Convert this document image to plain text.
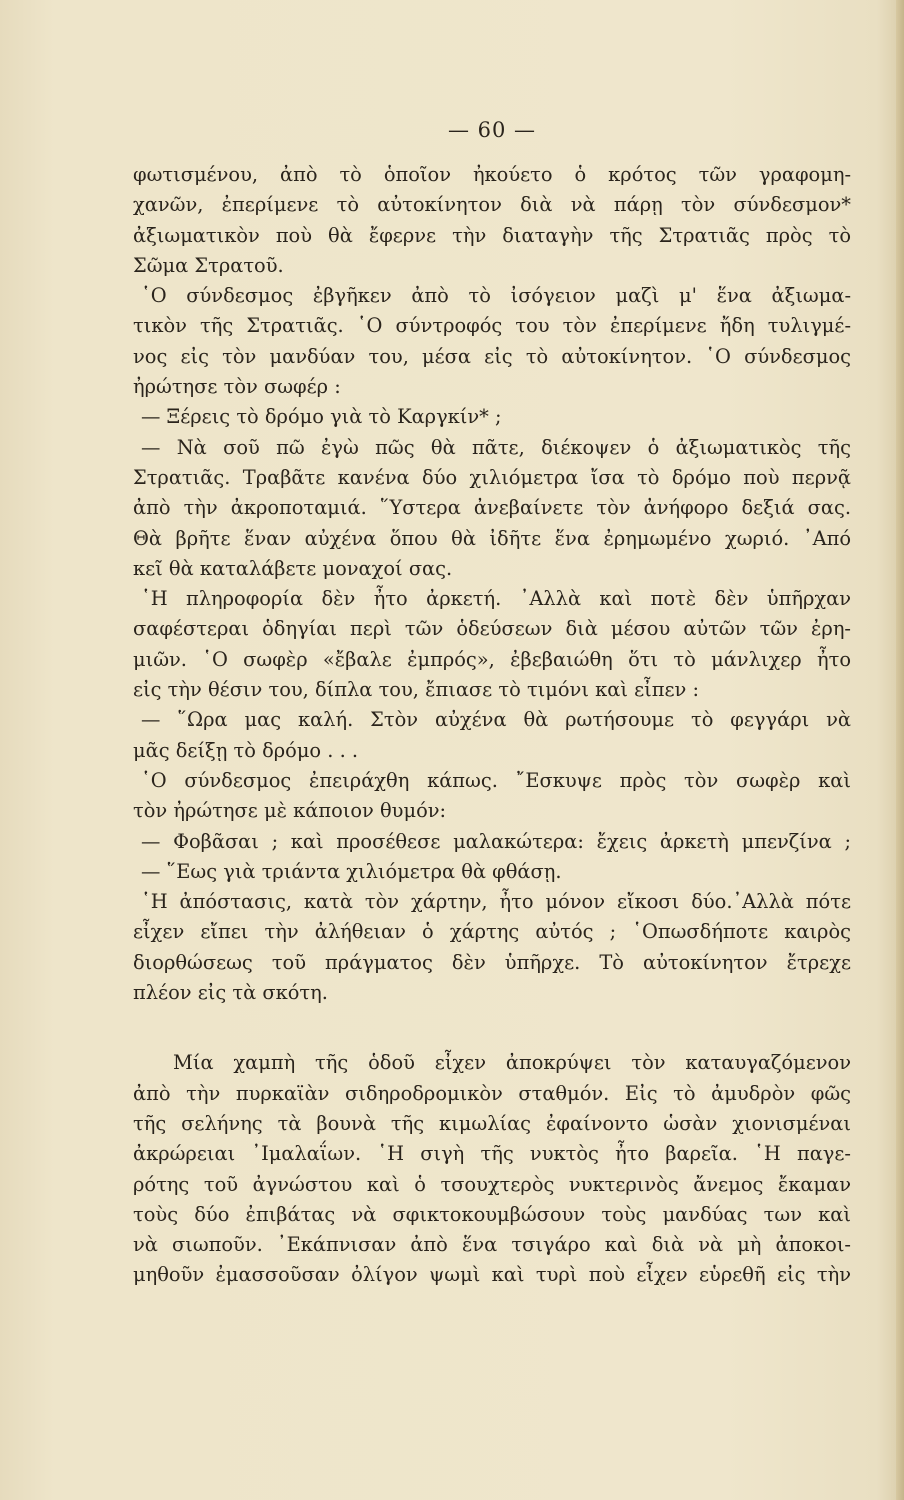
— 60 —
φωτισμένου, ἀπὸ τὸ ὁποῖον ἠκούετο ὁ κρότος τῶν γραφομη-
χανῶν, ἐπερίμενε τὸ αὐτοκίνητον διὰ νὰ πάρῃ τὸν σύνδεσμον*
ἀξιωματικὸν ποὺ θὰ ἔφερνε τὴν διαταγὴν τῆς Στρατιᾶς πρὸς τὸ
Σῶμα Στρατοῦ.
῾Ο σύνδεσμος ἐβγῆκεν ἀπὸ τὸ ἰσόγειον μαζὶ μ' ἕνα ἀξιωμα-
τικὸν τῆς Στρατιᾶς. ῾Ο σύντροφός του τὸν ἐπερίμενε ἤδη τυλιγμέ-
νος εἰς τὸν μανδύαν του, μέσα εἰς τὸ αὐτοκίνητον. ῾Ο σύνδεσμος
ἠρώτησε τὸν σωφέρ :
— Ξέρεις τὸ δρόμο γιὰ τὸ Καργκίν* ;
— Νὰ σοῦ πῶ ἐγὼ πῶς θὰ πᾶτε, διέκοψεν ὁ ἀξιωματικὸς τῆς
Στρατιᾶς. Τραβᾶτε κανένα δύο χιλιόμετρα ἴσα τὸ δρόμο ποὺ περνᾷ
ἀπὸ τὴν ἀκροποταμιά. ῞Υστερα ἀνεβαίνετε τὸν ἀνήφορο δεξιά σας.
Θὰ βρῆτε ἕναν αὐχένα ὅπου θὰ ἰδῆτε ἕνα ἐρημωμένο χωριό. ᾿Από
κεῖ θὰ καταλάβετε μοναχοί σας.
῾Η πληροφορία δὲν ἦτο ἀρκετή. ᾿Αλλὰ καὶ ποτὲ δὲν ὑπῆρχαν
σαφέστεραι ὁδηγίαι περὶ τῶν ὁδεύσεων διὰ μέσου αὐτῶν τῶν ἐρη-
μιῶν. ῾Ο σωφὲρ «ἔβαλε ἐμπρός», ἐβεβαιώθη ὅτι τὸ μάνλιχερ ἦτο
εἰς τὴν θέσιν του, δίπλα του, ἔπιασε τὸ τιμόνι καὶ εἶπεν :
— ῞Ωρα μας καλή. Στὸν αὐχένα θὰ ρωτήσουμε τὸ φεγγάρι νὰ
μᾶς δείξῃ τὸ δρόμο . . .
῾Ο σύνδεσμος ἐπειράχθη κάπως. ῎Εσκυψε πρὸς τὸν σωφὲρ καὶ
τὸν ἠρώτησε μὲ κάποιον θυμόν:
— Φοβᾶσαι ; καὶ προσέθεσε μαλακώτερα: ἔχεις ἀρκετὴ μπενζίνα ;
— ῞Εως γιὰ τριάντα χιλιόμετρα θὰ φθάσῃ.
῾Η ἀπόστασις, κατὰ τὸν χάρτην, ἦτο μόνον εἴκοσι δύο.᾿Αλλὰ πότε
εἶχεν εἴπει τὴν ἀλήθειαν ὁ χάρτης αὐτός ; ῾Οπωσδήποτε καιρὸς
διορθώσεως τοῦ πράγματος δὲν ὑπῆρχε. Τὸ αὐτοκίνητον ἔτρεχε
πλέον εἰς τὰ σκότη.
Μία χαμπὴ τῆς ὁδοῦ εἶχεν ἀποκρύψει τὸν καταυγαζόμενον
ἀπὸ τὴν πυρκαϊὰν σιδηροδρομικὸν σταθμόν. Εἰς τὸ ἀμυδρὸν φῶς
τῆς σελήνης τὰ βουνὰ τῆς κιμωλίας ἐφαίνοντο ὡσὰν χιονισμέναι
ἀκρώρειαι ᾿Ιμαλαΐων. ῾Η σιγὴ τῆς νυκτὸς ἦτο βαρεῖα. ῾Η παγε-
ρότης τοῦ ἀγνώστου καὶ ὁ τσουχτερὸς νυκτερινὸς ἄνεμος ἔκαμαν
τοὺς δύο ἐπιβάτας νὰ σφικτοκουμβώσουν τοὺς μανδύας των καὶ
νὰ σιωποῦν. ᾿Εκάπνισαν ἀπὸ ἕνα τσιγάρο καὶ διὰ νὰ μὴ ἀποκοι-
μηθοῦν ἐμασσοῦσαν ὀλίγον ψωμὶ καὶ τυρὶ ποὺ εἶχεν εὑρεθῆ εἰς τὴν
